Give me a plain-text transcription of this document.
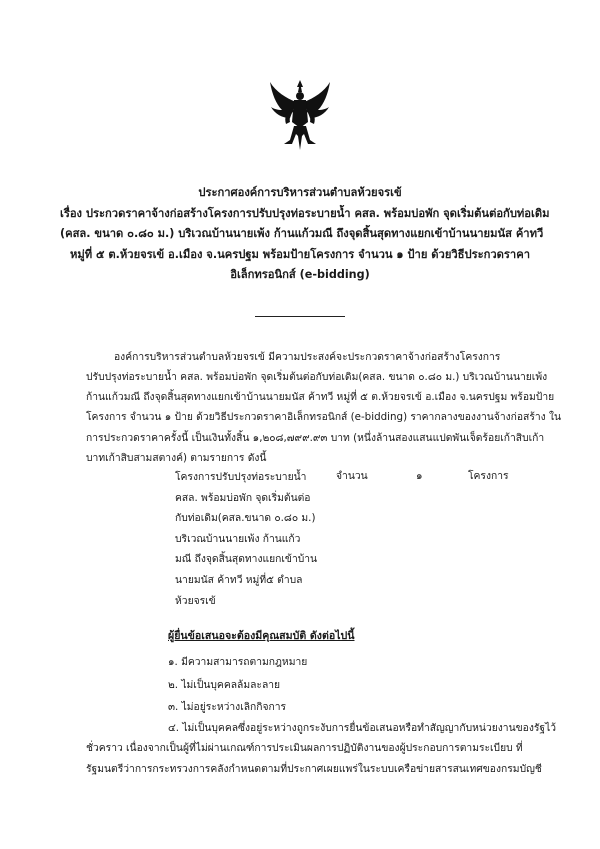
ประกาศองค์การบริหารส่วนตำบลห้วยจรเข้
เรื่อง ประกวดราคาจ้างก่อสร้างโครงการปรับปรุงท่อระบายน้ำ คสล. พร้อมบ่อพัก จุดเริ่มต้นต่อกับท่อเดิม
(คสล. ขนาด ๐.๘๐ ม.) บริเวณบ้านนายเพ้ง ก้านแก้วมณี ถึงจุดสิ้นสุดทางแยกเข้าบ้านนายมนัส ค้าทวี
หมู่ที่ ๕ ต.ห้วยจรเข้ อ.เมือง จ.นครปฐม พร้อมป้ายโครงการ จำนวน ๑ ป้าย ด้วยวิธีประกวดราคา
อิเล็กทรอนิกส์ (e-bidding)
องค์การบริหารส่วนตำบลห้วยจรเข้ มีความประสงค์จะประกวดราคาจ้างก่อสร้างโครงการ
ปรับปรุงท่อระบายน้ำ คสล. พร้อมบ่อพัก จุดเริ่มต้นต่อกับท่อเดิม(คสล. ขนาด ๐.๘๐ ม.) บริเวณบ้านนายเพ้ง
ก้านแก้วมณี ถึงจุดสิ้นสุดทางแยกเข้าบ้านนายมนัส ค้าทวี หมู่ที่ ๕ ต.ห้วยจรเข้ อ.เมือง จ.นครปฐม พร้อมป้าย
โครงการ จำนวน ๑ ป้าย ด้วยวิธีประกวดราคาอิเล็กทรอนิกส์ (e-bidding) ราคากลางของงานจ้างก่อสร้าง ใน
การประกวดราคาครั้งนี้ เป็นเงินทั้งสิ้น ๑,๒๐๘,๗๙๙.๙๓ บาท (หนึ่งล้านสองแสนแปดพันเจ็ดร้อยเก้าสิบเก้า
บาทเก้าสิบสามสตางค์) ตามรายการ ดังนี้
โครงการปรับปรุงท่อระบายน้ำ
คสล. พร้อมบ่อพัก จุดเริ่มต้นต่อ
กับท่อเดิม(คสล.ขนาด ๐.๘๐ ม.)
บริเวณบ้านนายเพ้ง ก้านแก้ว
มณี ถึงจุดสิ้นสุดทางแยกเข้าบ้าน
นายมนัส ค้าทวี หมู่ที่๕ ตำบล
ห้วยจรเข้
จำนวน	๑	โครงการ
ผู้ยื่นข้อเสนอจะต้องมีคุณสมบัติ ดังต่อไปนี้
๑. มีความสามารถตามกฎหมาย
๒. ไม่เป็นบุคคลล้มละลาย
๓. ไม่อยู่ระหว่างเลิกกิจการ
๔. ไม่เป็นบุคคลซึ่งอยู่ระหว่างถูกระงับการยื่นข้อเสนอหรือทำสัญญากับหน่วยงานของรัฐไว้
ชั่วคราว เนื่องจากเป็นผู้ที่ไม่ผ่านเกณฑ์การประเมินผลการปฏิบัติงานของผู้ประกอบการตามระเบียบ ที่
รัฐมนตรีว่าการกระทรวงการคลังกำหนดตามที่ประกาศเผยแพร่ในระบบเครือข่ายสารสนเทศของกรมบัญชี
